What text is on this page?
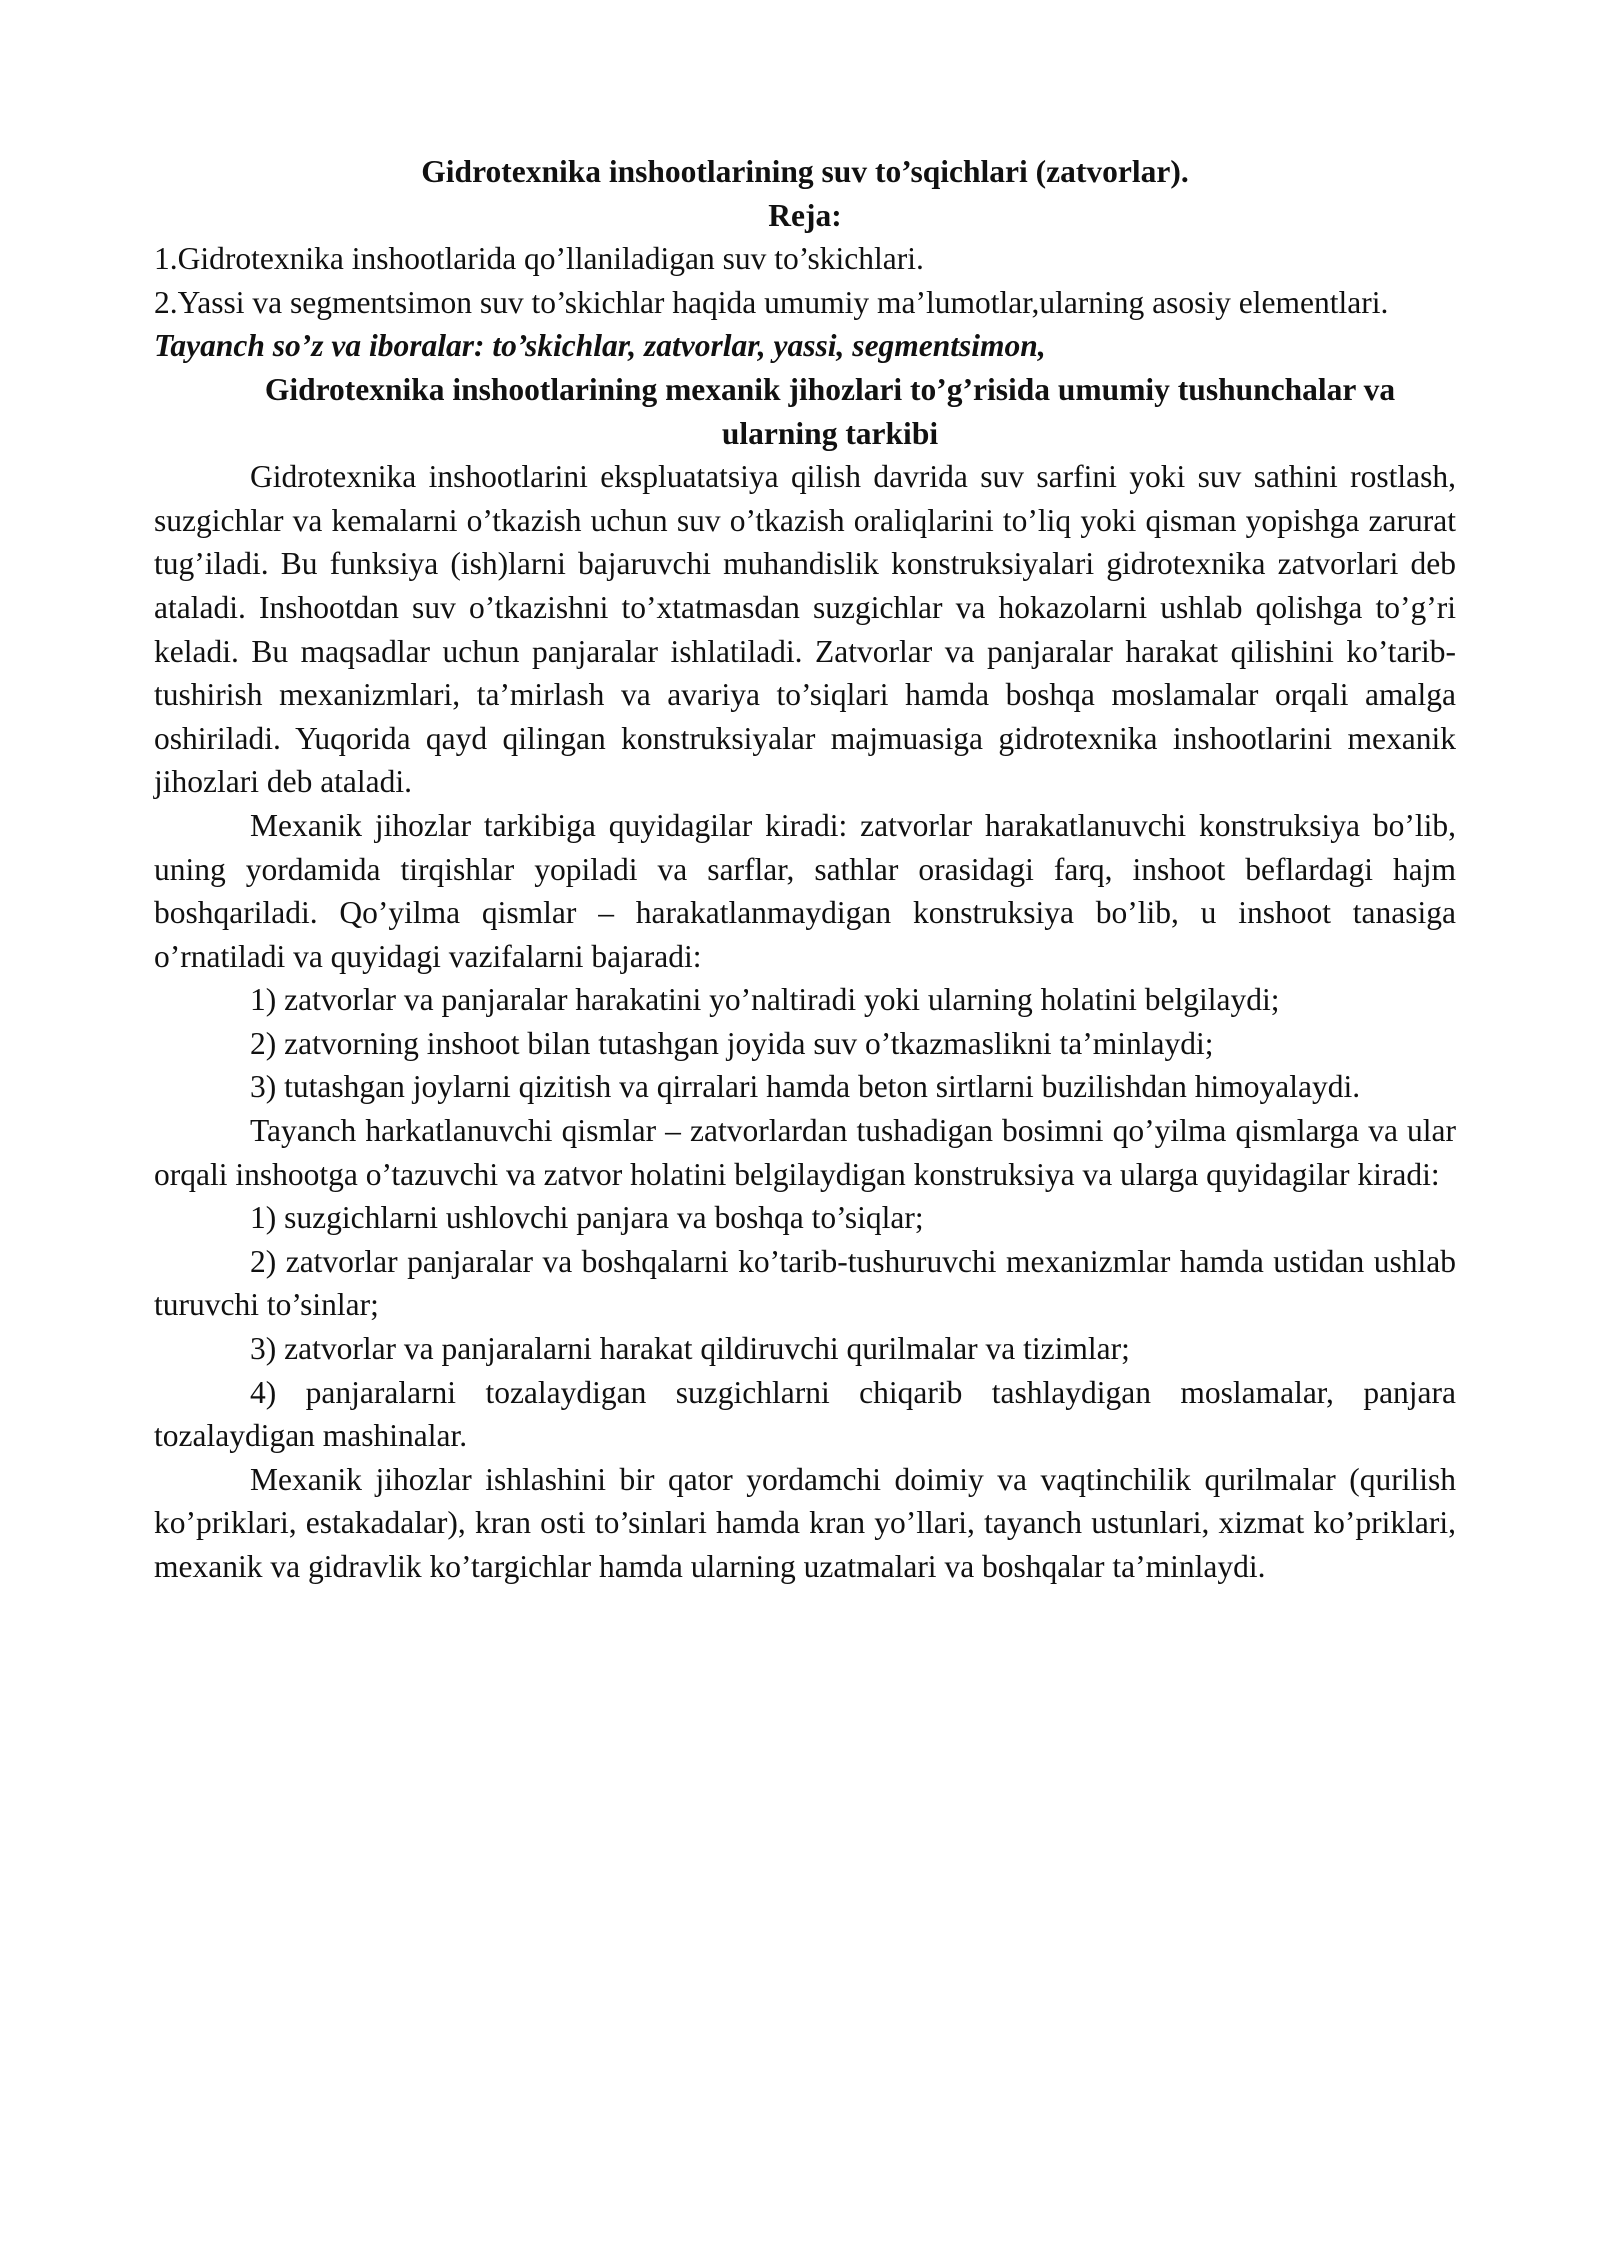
Gidrotexnika inshootlarining suv to’sqichlari (zatvorlar).
Reja:
1.Gidrotexnika inshootlarida qo’llaniladigan suv to’skichlari.
2.Yassi va segmentsimon suv to’skichlar haqida umumiy ma’lumotlar,ularning asosiy elementlari.
Tayanch so’z va iboralar: to’skichlar, zatvorlar, yassi, segmentsimon,
Gidrotexnika inshootlarining mexanik jihozlari to’g’risida umumiy tushunchalar va ularning tarkibi

Gidrotexnika inshootlarini ekspluatatsiya qilish davrida suv sarfini yoki suv sathini rostlash, suzgichlar va kemalarni o’tkazish uchun suv o’tkazish oraliqlarini to’liq yoki qisman yopishga zarurat tug’iladi. Bu funksiya (ish)larni bajaruvchi muhandislik konstruksiyalari gidrotexnika zatvorlari deb ataladi. Inshootdan suv o’tkazishni to’xtatmasdan suzgichlar va hokazolarni ushlab qolishga to’g’ri keladi. Bu maqsadlar uchun panjaralar ishlatiladi. Zatvorlar va panjaralar harakat qilishini ko’tarib-tushirish mexanizmlari, ta’mirlash va avariya to’siqlari hamda boshqa moslamalar orqali amalga oshiriladi. Yuqorida qayd qilingan konstruksiyalar majmuasiga gidrotexnika inshootlarini mexanik jihozlari deb ataladi.

Mexanik jihozlar tarkibiga quyidagilar kiradi: zatvorlar harakatlanuvchi konstruksiya bo’lib, uning yordamida tirqishlar yopiladi va sarflar, sathlar orasidagi farq, inshoot beflardagi hajm boshqariladi. Qo’yilma qismlar – harakatlanmaydigan konstruksiya bo’lib, u inshoot tanasiga o’rnatiladi va quyidagi vazifalarni bajaradi:

1) zatvorlar va panjaralar harakatini yo’naltiradi yoki ularning holatini belgilaydi;

2) zatvorning inshoot bilan tutashgan joyida suv o’tkazmaslikni ta’minlaydi;

3) tutashgan joylarni qizitish va qirralari hamda beton sirtlarni buzilishdan himoyalaydi.

Tayanch harkatlanuvchi qismlar – zatvorlardan tushadigan bosimni qo’yilma qismlarga va ular orqali inshootga o’tazuvchi va zatvor holatini belgilaydigan konstruksiya va ularga quyidagilar kiradi:

1) suzgichlarni ushlovchi panjara va boshqa to’siqlar;

2) zatvorlar panjaralar va boshqalarni ko’tarib-tushuruvchi mexanizmlar hamda ustidan ushlab turuvchi to’sinlar;

3) zatvorlar va panjaralarni harakat qildiruvchi qurilmalar va tizimlar;

4) panjaralarni tozalaydigan suzgichlarni chiqarib tashlaydigan moslamalar, panjara tozalaydigan mashinalar.

Mexanik jihozlar ishlashini bir qator yordamchi doimiy va vaqtinchilik qurilmalar (qurilish ko’priklari, estakadalar), kran osti to’sinlari hamda kran yo’llari, tayanch ustunlari, xizmat ko’priklari, mexanik va gidravlik ko’targichlar hamda ularning uzatmalari va boshqalar ta’minlaydi.
